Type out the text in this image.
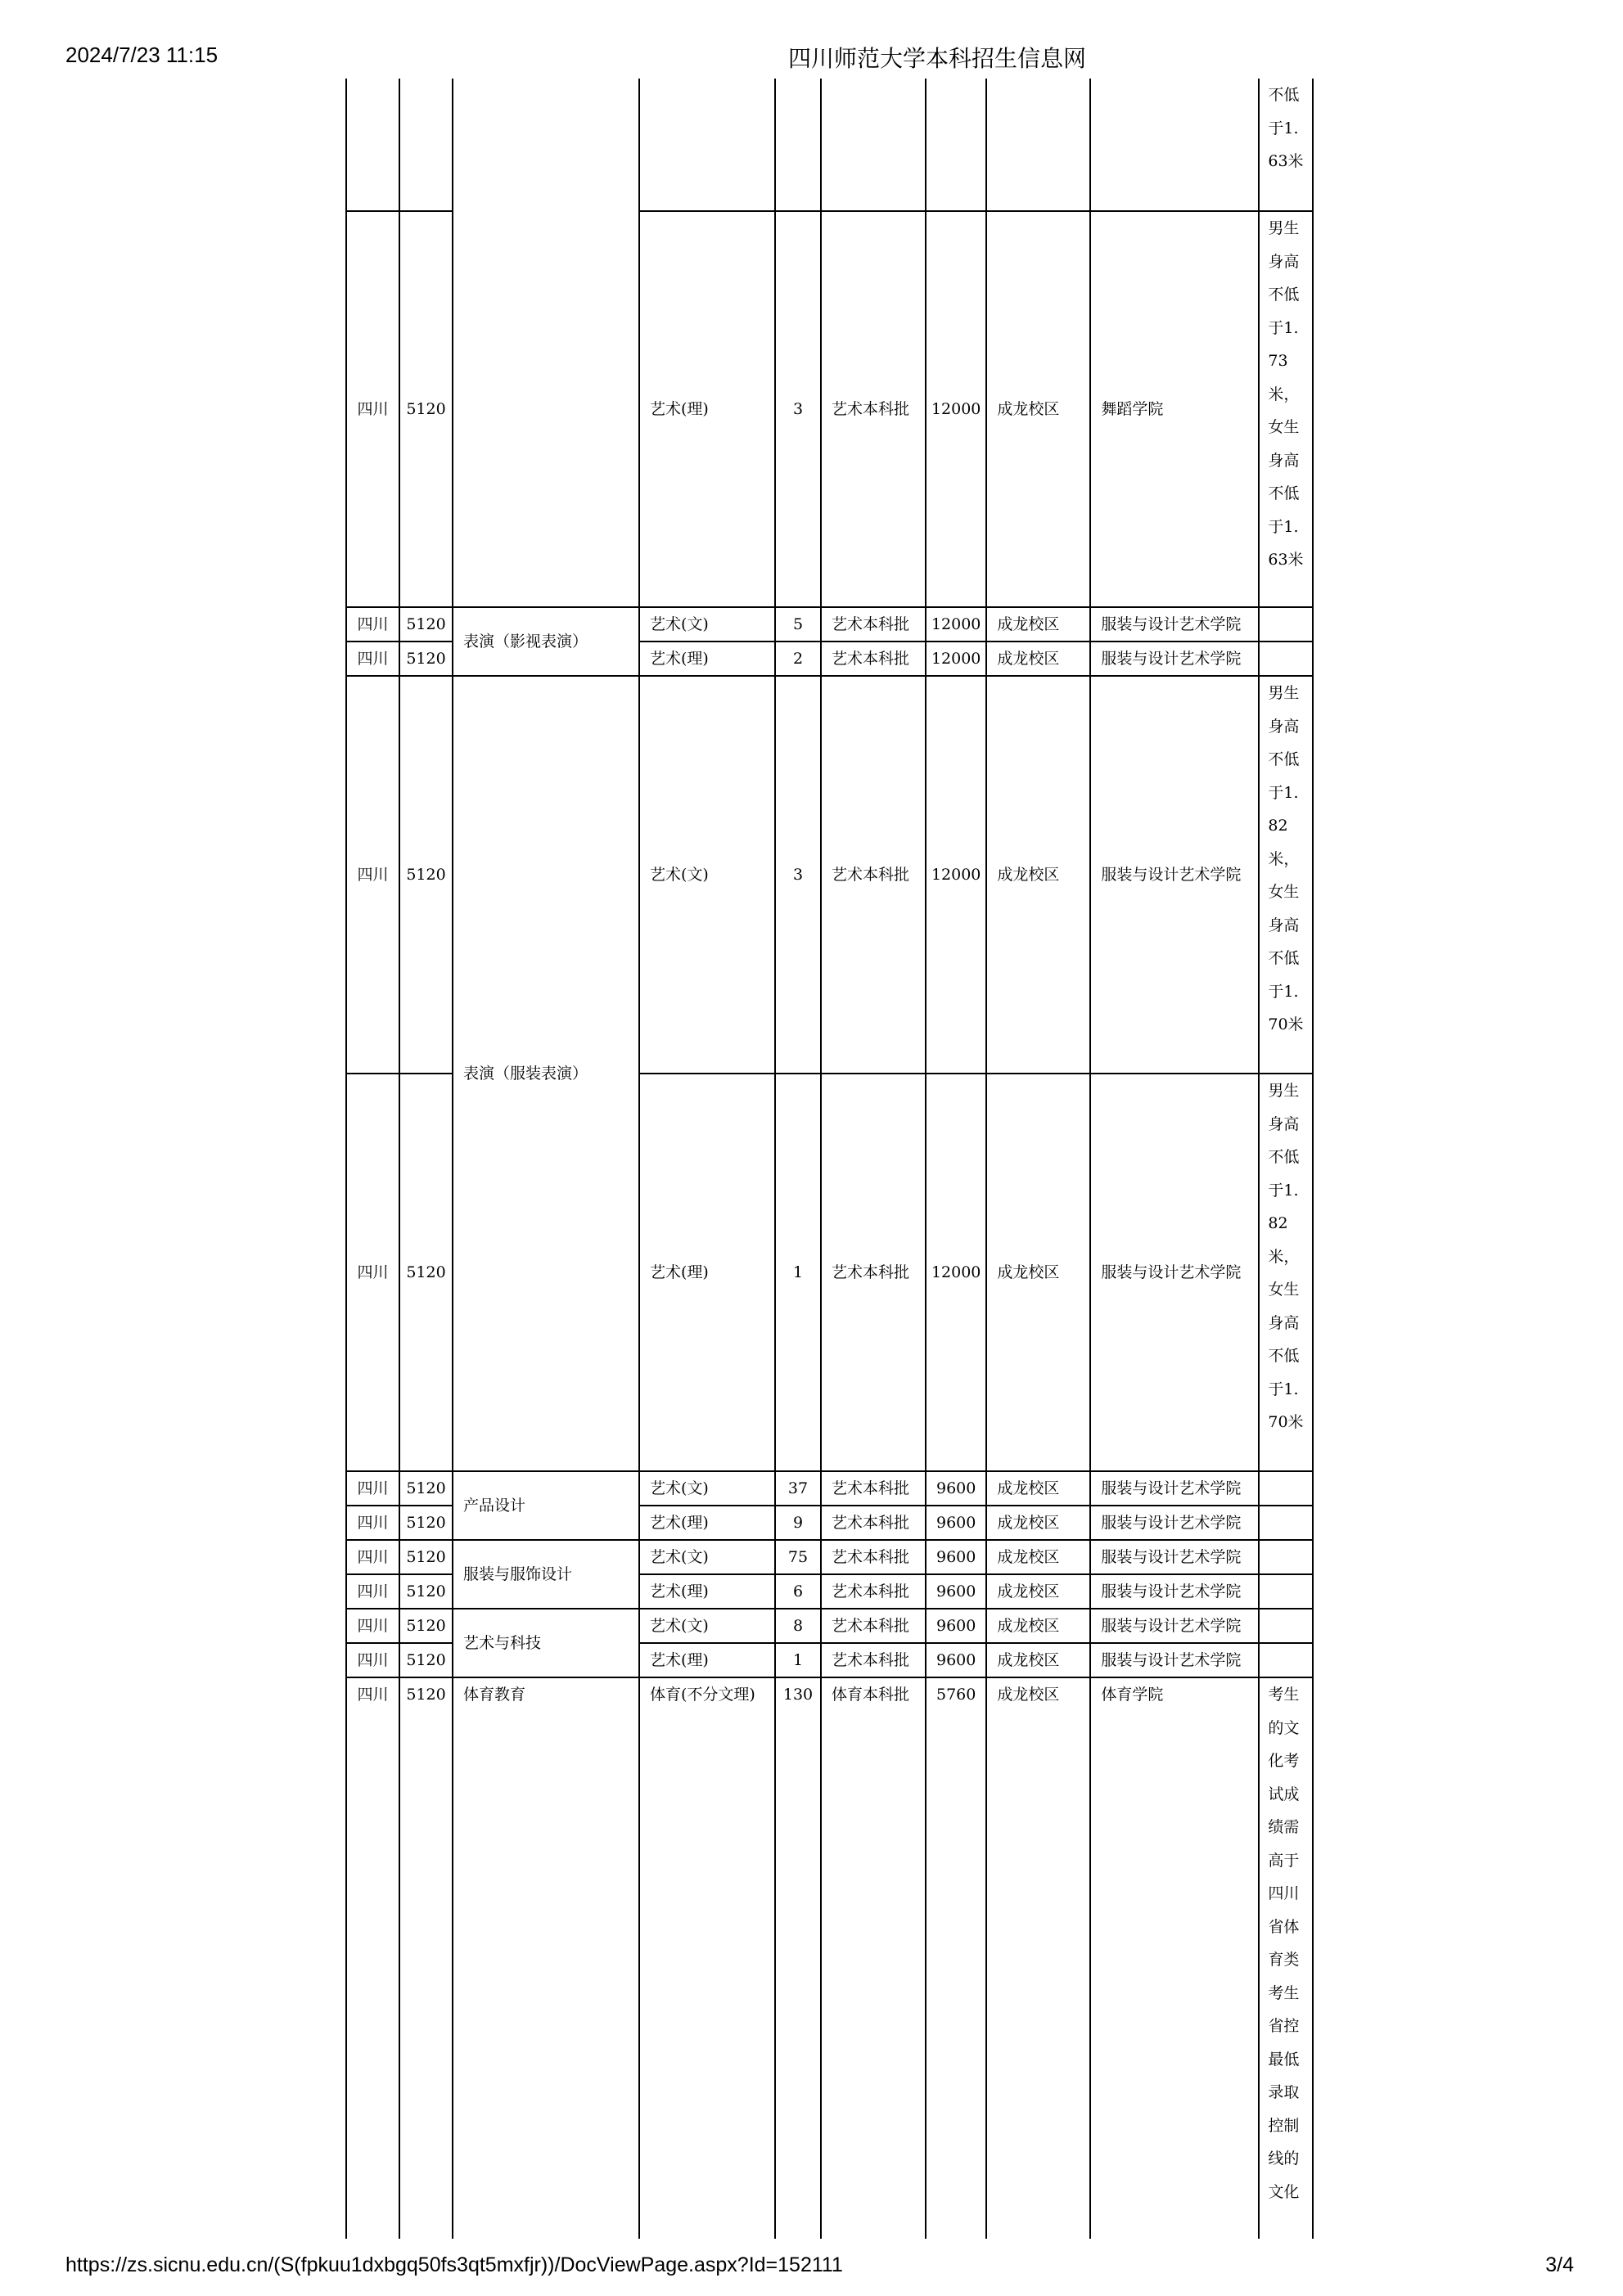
2024/7/23 11:15	四川师范大学本科招生信息网
									不低于1.63米
四川	5120		艺术(理)	3	艺术本科批	12000	成龙校区	舞蹈学院	男生身高不低于1.73米，女生身高不低于1.63米
四川	5120	表演（影视表演）	艺术(文)	5	艺术本科批	12000	成龙校区	服装与设计艺术学院	
四川	5120		艺术(理)	2	艺术本科批	12000	成龙校区	服装与设计艺术学院	
四川	5120	表演（服装表演）	艺术(文)	3	艺术本科批	12000	成龙校区	服装与设计艺术学院	男生身高不低于1.82米，女生身高不低于1.70米
四川	5120		艺术(理)	1	艺术本科批	12000	成龙校区	服装与设计艺术学院	男生身高不低于1.82米，女生身高不低于1.70米
四川	5120	产品设计	艺术(文)	37	艺术本科批	9600	成龙校区	服装与设计艺术学院	
四川	5120		艺术(理)	9	艺术本科批	9600	成龙校区	服装与设计艺术学院	
四川	5120	服装与服饰设计	艺术(文)	75	艺术本科批	9600	成龙校区	服装与设计艺术学院	
四川	5120		艺术(理)	6	艺术本科批	9600	成龙校区	服装与设计艺术学院	
四川	5120	艺术与科技	艺术(文)	8	艺术本科批	9600	成龙校区	服装与设计艺术学院	
四川	5120		艺术(理)	1	艺术本科批	9600	成龙校区	服装与设计艺术学院	
四川	5120	体育教育	体育(不分文理)	130	体育本科批	5760	成龙校区	体育学院	考生的文化考试成绩需高于四川省体育类考生省控最低录取控制线的文化
https://zs.sicnu.edu.cn/(S(fpkuu1dxbgq50fs3qt5mxfjr))/DocViewPage.aspx?Id=152111	3/4
